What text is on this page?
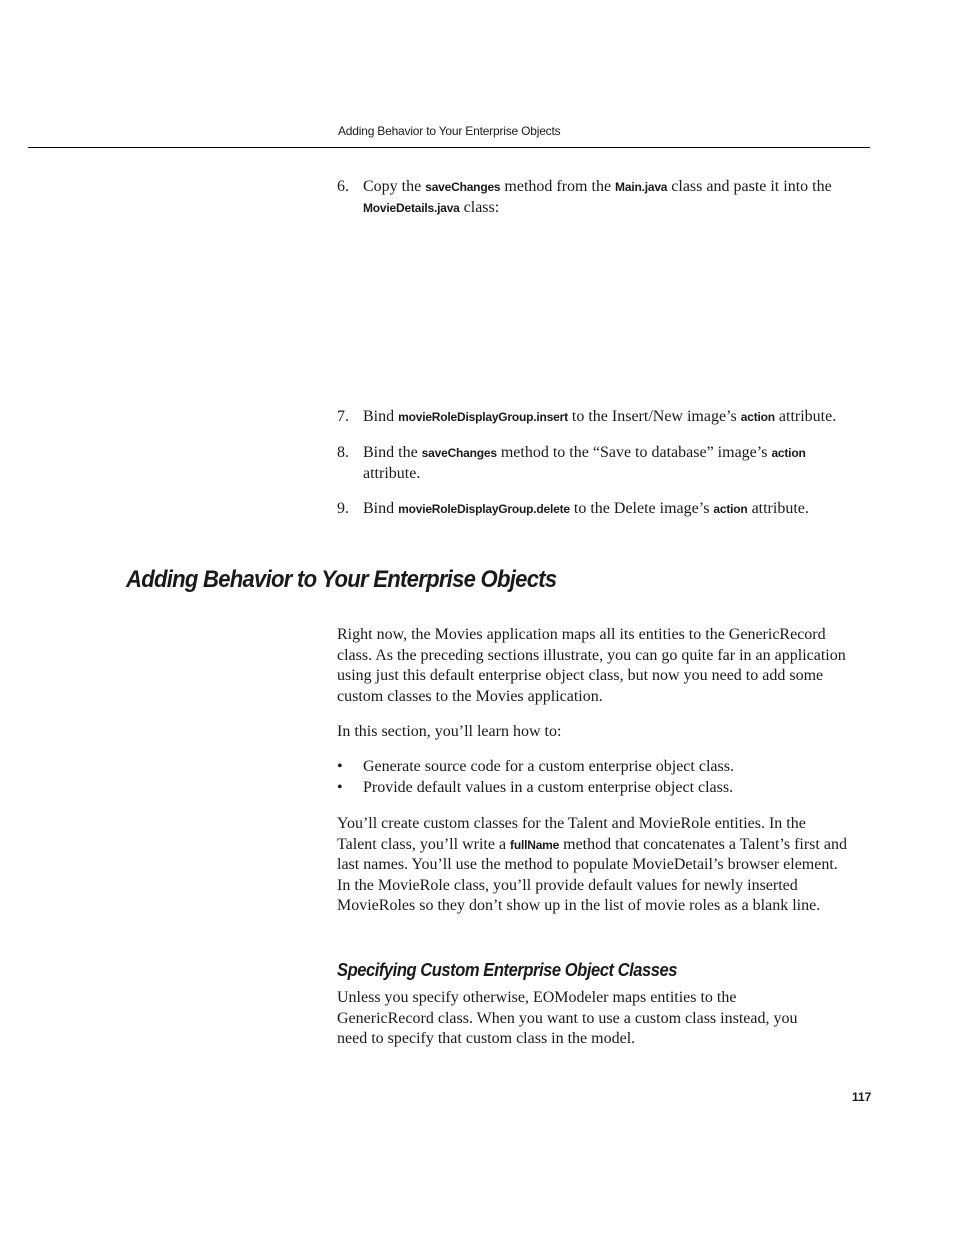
Adding Behavior to Your Enterprise Objects
6. Copy the saveChanges method from the Main.java class and paste it into the MovieDetails.java class:
7. Bind movieRoleDisplayGroup.insert to the Insert/New image’s action attribute.
8. Bind the saveChanges method to the “Save to database” image’s action attribute.
9. Bind movieRoleDisplayGroup.delete to the Delete image’s action attribute.
Adding Behavior to Your Enterprise Objects
Right now, the Movies application maps all its entities to the GenericRecord class. As the preceding sections illustrate, you can go quite far in an application using just this default enterprise object class, but now you need to add some custom classes to the Movies application.
In this section, you’ll learn how to:
• Generate source code for a custom enterprise object class.
• Provide default values in a custom enterprise object class.
You’ll create custom classes for the Talent and MovieRole entities. In the Talent class, you’ll write a fullName method that concatenates a Talent’s first and last names. You’ll use the method to populate MovieDetail’s browser element. In the MovieRole class, you’ll provide default values for newly inserted MovieRoles so they don’t show up in the list of movie roles as a blank line.
Specifying Custom Enterprise Object Classes
Unless you specify otherwise, EOModeler maps entities to the GenericRecord class. When you want to use a custom class instead, you need to specify that custom class in the model.
117
